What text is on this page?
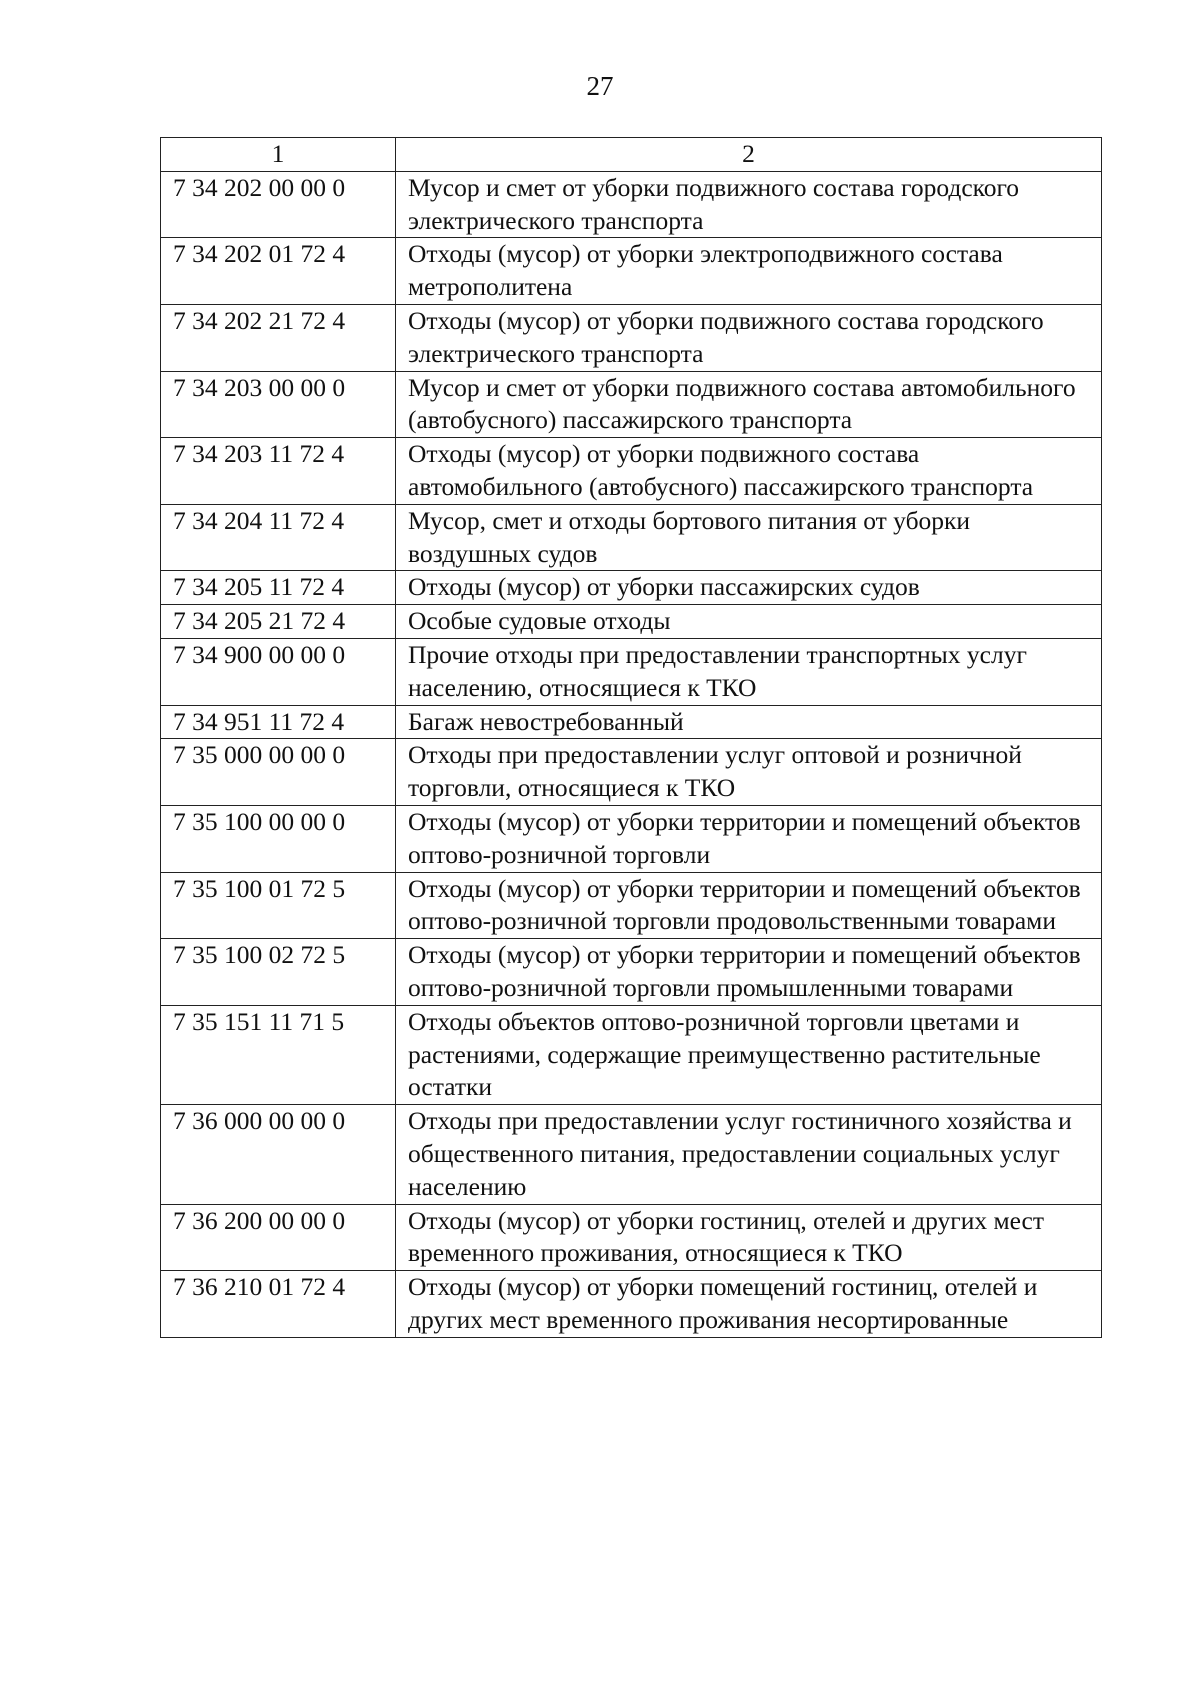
27
1	2
7 34 202 00 00 0	Мусор и смет от уборки подвижного состава городского электрического транспорта
7 34 202 01 72 4	Отходы (мусор) от уборки электроподвижного состава метрополитена
7 34 202 21 72 4	Отходы (мусор) от уборки подвижного состава городского электрического транспорта
7 34 203 00 00 0	Мусор и смет от уборки подвижного состава автомобильного (автобусного) пассажирского транспорта
7 34 203 11 72 4	Отходы (мусор) от уборки подвижного состава автомобильного (автобусного) пассажирского транспорта
7 34 204 11 72 4	Мусор, смет и отходы бортового питания от уборки воздушных судов
7 34 205 11 72 4	Отходы (мусор) от уборки пассажирских судов
7 34 205 21 72 4	Особые судовые отходы
7 34 900 00 00 0	Прочие отходы при предоставлении транспортных услуг населению, относящиеся к ТКО
7 34 951 11 72 4	Багаж невостребованный
7 35 000 00 00 0	Отходы при предоставлении услуг оптовой и розничной торговли, относящиеся к ТКО
7 35 100 00 00 0	Отходы (мусор) от уборки территории и помещений объектов оптово-розничной торговли
7 35 100 01 72 5	Отходы (мусор) от уборки территории и помещений объектов оптово-розничной торговли продовольственными товарами
7 35 100 02 72 5	Отходы (мусор) от уборки территории и помещений объектов оптово-розничной торговли промышленными товарами
7 35 151 11 71 5	Отходы объектов оптово-розничной торговли цветами и растениями, содержащие преимущественно растительные остатки
7 36 000 00 00 0	Отходы при предоставлении услуг гостиничного хозяйства и общественного питания, предоставлении социальных услуг населению
7 36 200 00 00 0	Отходы (мусор) от уборки гостиниц, отелей и других мест временного проживания, относящиеся к ТКО
7 36 210 01 72 4	Отходы (мусор) от уборки помещений гостиниц, отелей и других мест временного проживания несортированные
